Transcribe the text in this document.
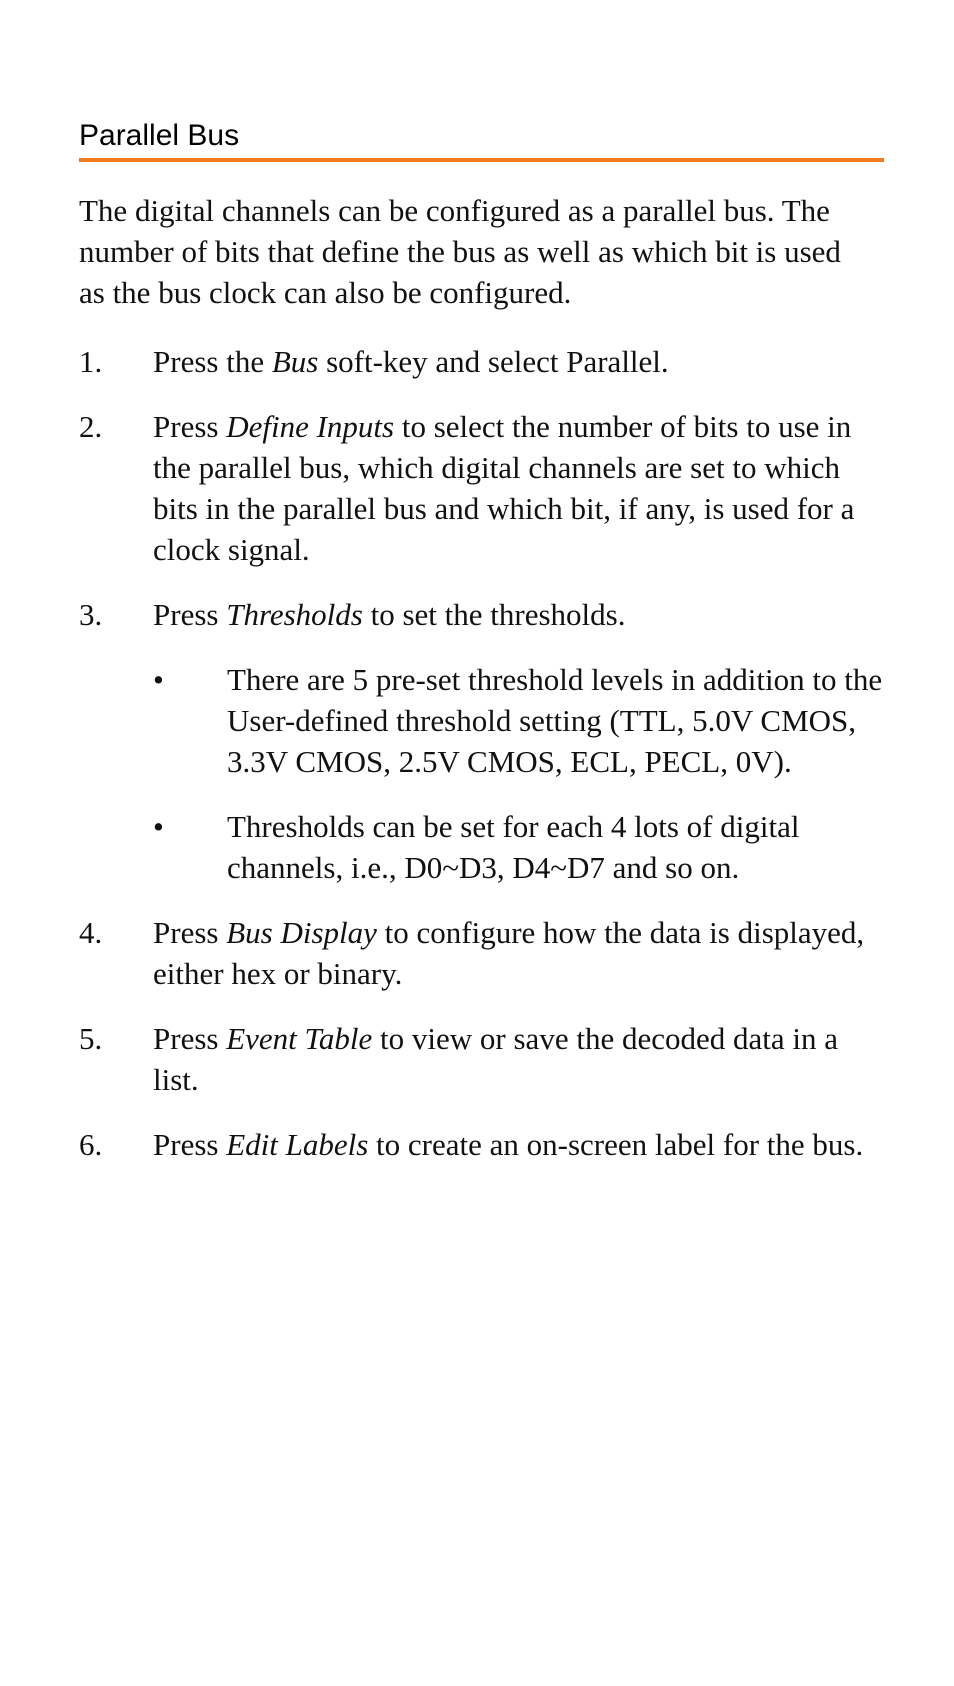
Parallel Bus

The digital channels can be configured as a parallel bus. The number of bits that define the bus as well as which bit is used as the bus clock can also be configured.

1. Press the Bus soft-key and select Parallel.
2. Press Define Inputs to select the number of bits to use in the parallel bus, which digital channels are set to which bits in the parallel bus and which bit, if any, is used for a clock signal.
3. Press Thresholds to set the thresholds.
• There are 5 pre-set threshold levels in addition to the User-defined threshold setting (TTL, 5.0V CMOS, 3.3V CMOS, 2.5V CMOS, ECL, PECL, 0V).
• Thresholds can be set for each 4 lots of digital channels, i.e., D0~D3, D4~D7 and so on.
4. Press Bus Display to configure how the data is displayed, either hex or binary.
5. Press Event Table to view or save the decoded data in a list.
6. Press Edit Labels to create an on-screen label for the bus.
